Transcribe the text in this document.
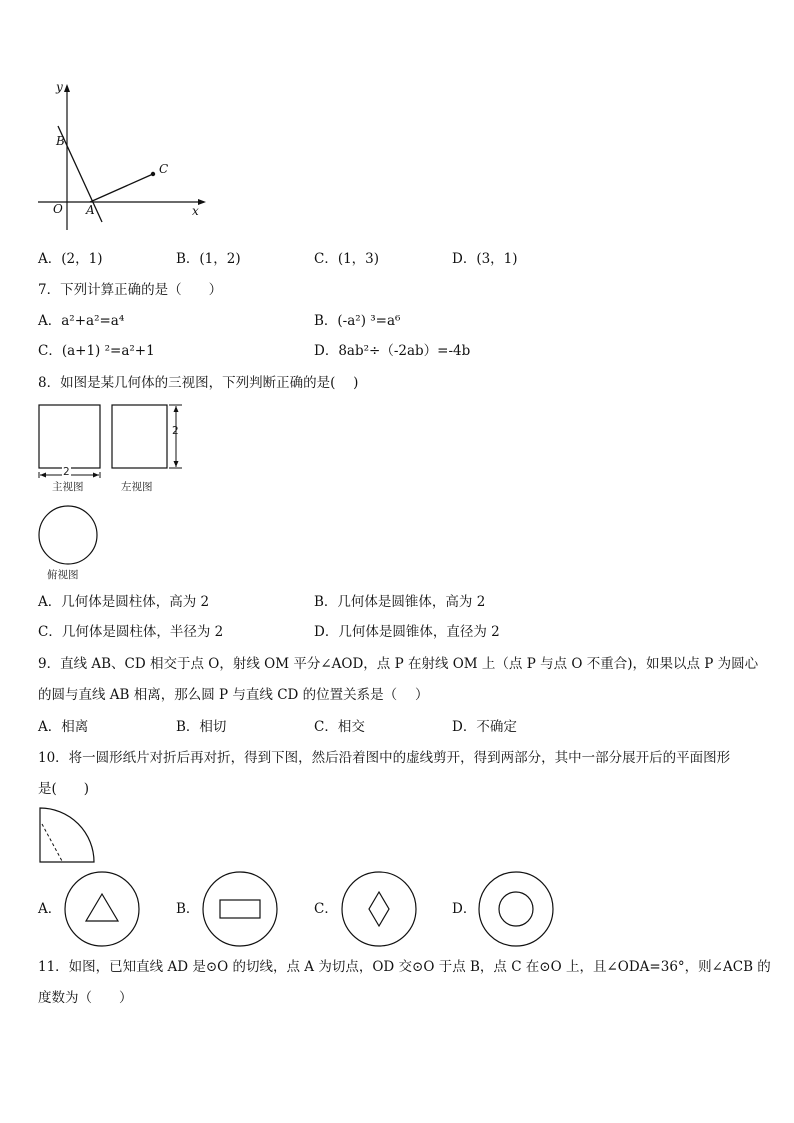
y
B
C
O A	x
A．(2，1)	B．(1，2)	C．(1，3)	D．(3，1)
7．下列计算正确的是（　　）
A．a²+a²=a⁴	B．(-a²) ³=a⁶
C．(a+1) ²=a²+1	D．8ab²÷（-2ab）=-4b
8．如图是某几何体的三视图，下列判断正确的是(　 )
2
2
主视图	左视图
俯视图
A．几何体是圆柱体，高为 2	B．几何体是圆锥体，高为 2
C．几何体是圆柱体，半径为 2	D．几何体是圆锥体，直径为 2
9．直线 AB、CD 相交于点 O，射线 OM 平分∠AOD，点 P 在射线 OM 上（点 P 与点 O 不重合)，如果以点 P 为圆心
的圆与直线 AB 相离，那么圆 P 与直线 CD 的位置关系是（　 ）
A．相离	B．相切	C．相交	D．不确定
10．将一圆形纸片对折后再对折，得到下图，然后沿着图中的虚线剪开，得到两部分，其中一部分展开后的平面图形
是(　　)
A．	B．	C．	D．
11．如图，已知直线 AD 是⊙O 的切线，点 A 为切点，OD 交⊙O 于点 B，点 C 在⊙O 上，且∠ODA=36°，则∠ACB 的
度数为（　　）
